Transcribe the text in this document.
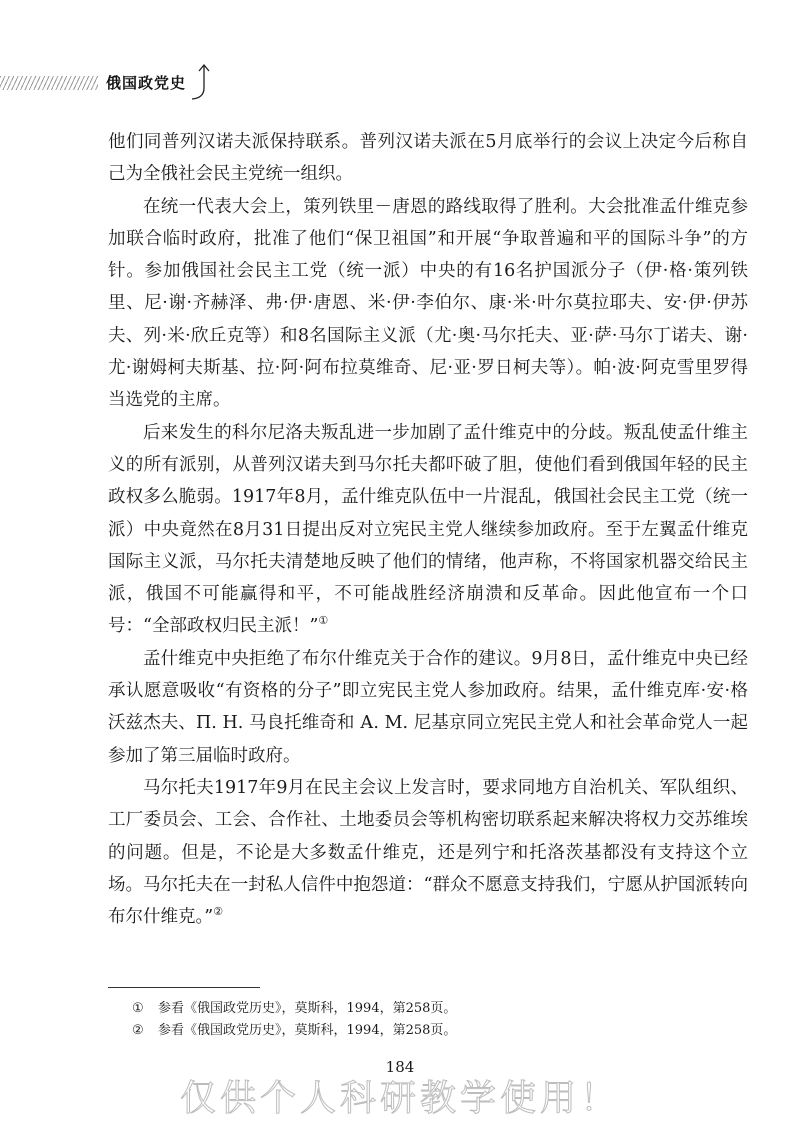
俄国政党史

他们同普列汉诺夫派保持联系。普列汉诺夫派在5月底举行的会议上决定今后称自己为全俄社会民主党统一组织。

在统一代表大会上，策列铁里－唐恩的路线取得了胜利。大会批准孟什维克参加联合临时政府，批准了他们“保卫祖国”和开展“争取普遍和平的国际斗争”的方针。参加俄国社会民主工党（统一派）中央的有16名护国派分子（伊·格·策列铁里、尼·谢·齐赫泽、弗·伊·唐恩、米·伊·李伯尔、康·米·叶尔莫拉耶夫、安·伊·伊苏夫、列·米·欣丘克等）和8名国际主义派（尤·奥·马尔托夫、亚·萨·马尔丁诺夫、谢·尤·谢姆柯夫斯基、拉·阿·阿布拉莫维奇、尼·亚·罗日柯夫等）。帕·波·阿克雪里罗得当选党的主席。

后来发生的科尔尼洛夫叛乱进一步加剧了孟什维克中的分歧。叛乱使孟什维主义的所有派别，从普列汉诺夫到马尔托夫都吓破了胆，使他们看到俄国年轻的民主政权多么脆弱。1917年8月，孟什维克队伍中一片混乱，俄国社会民主工党（统一派）中央竟然在8月31日提出反对立宪民主党人继续参加政府。至于左翼孟什维克国际主义派，马尔托夫清楚地反映了他们的情绪，他声称，不将国家机器交给民主派，俄国不可能赢得和平，不可能战胜经济崩溃和反革命。因此他宣布一个口号：“全部政权归民主派！”①

孟什维克中央拒绝了布尔什维克关于合作的建议。9月8日，孟什维克中央已经承认愿意吸收“有资格的分子”即立宪民主党人参加政府。结果，孟什维克库·安·格沃兹杰夫、П. Н. 马良托维奇和 А. М. 尼基京同立宪民主党人和社会革命党人一起参加了第三届临时政府。

马尔托夫1917年9月在民主会议上发言时，要求同地方自治机关、军队组织、工厂委员会、工会、合作社、土地委员会等机构密切联系起来解决将权力交苏维埃的问题。但是，不论是大多数孟什维克，还是列宁和托洛茨基都没有支持这个立场。马尔托夫在一封私人信件中抱怨道：“群众不愿意支持我们，宁愿从护国派转向布尔什维克。”②

① 参看《俄国政党历史》，莫斯科，1994，第258页。
② 参看《俄国政党历史》，莫斯科，1994，第258页。
184
仅供个人科研教学使用！
